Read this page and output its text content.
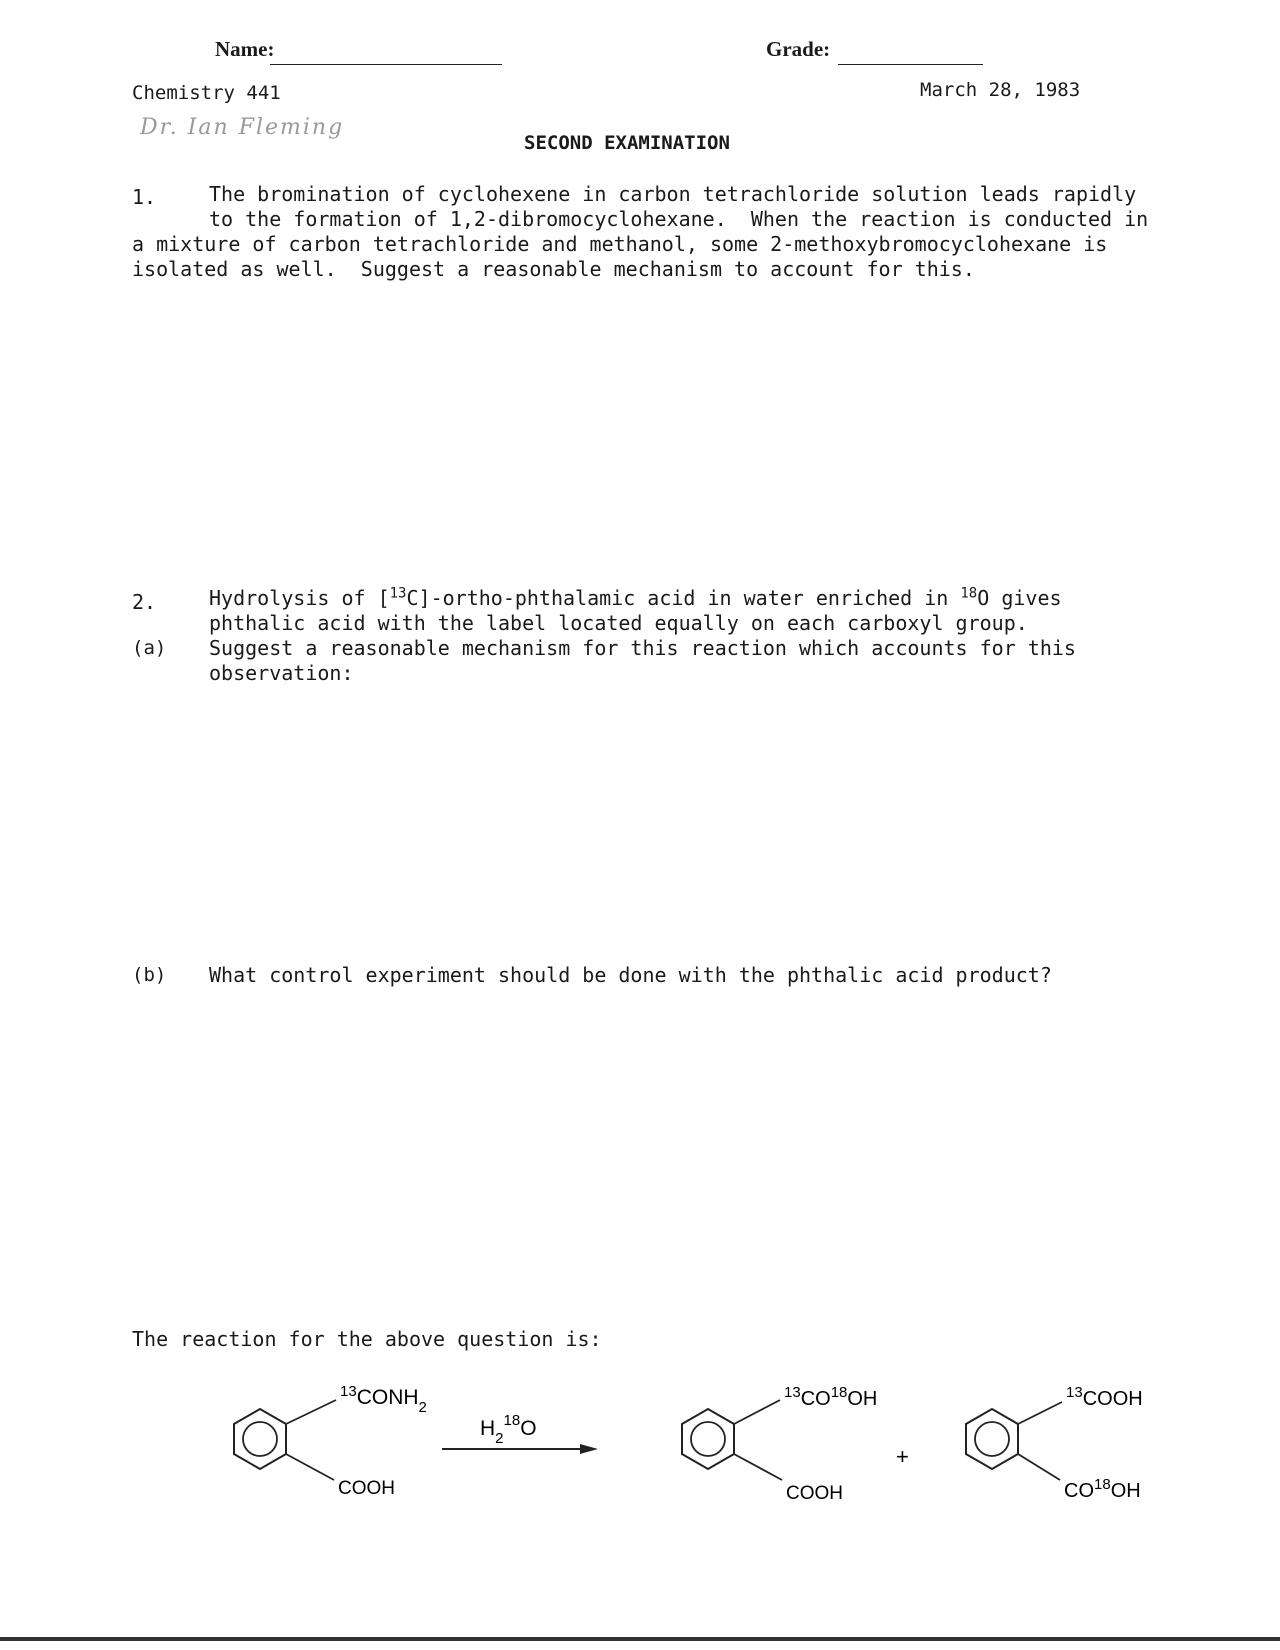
Name:	Grade:
Chemistry 441	March 28, 1983
Dr. Ian Fleming
SECOND EXAMINATION
1.	The bromination of cyclohexene in carbon tetrachloride solution leads rapidly
to the formation of 1,2-dibromocyclohexane.  When the reaction is conducted in
a mixture of carbon tetrachloride and methanol, some 2-methoxybromocyclohexane is
isolated as well.  Suggest a reasonable mechanism to account for this.
2.	Hydrolysis of [$^{13}$C]-ortho-phthalamic acid in water enriched in $^{18}$O gives
phthalic acid with the label located equally on each carboxyl group.
(a) Suggest a reasonable mechanism for this reaction which accounts for this
observation:
(b) What control experiment should be done with the phthalic acid product?
The reaction for the above question is:
$^{13}CONH_2$
COOH
$H_2^{18}O$
$^{13}$CO$^{18}$OH
COOH
+
$^{13}$COOH
CO$^{18}$OH
